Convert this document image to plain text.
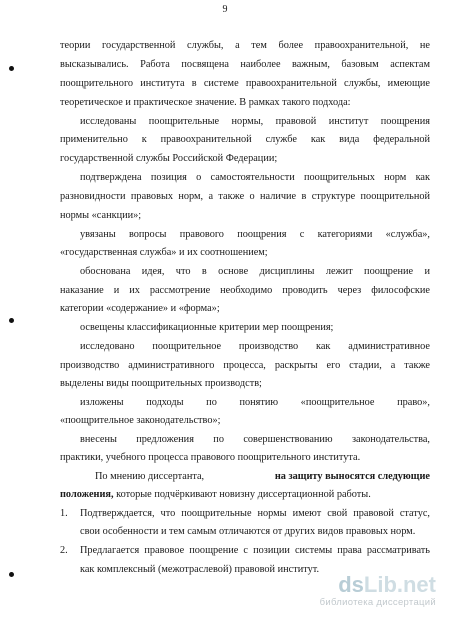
9
теории государственной службы, а тем более правоохранительной, не
высказывались. Работа посвящена наиболее важным, базовым аспектам
поощрительного института в системе правоохранительной службы, имеющие
теоретическое и практическое значение. В рамках такого подхода:
исследованы поощрительные нормы, правовой институт поощрения
применительно к правоохранительной службе как вида федеральной
государственной службы Российской Федерации;
подтверждена позиция о самостоятельности поощрительных норм как
разновидности правовых норм, а также о наличие в структуре поощрительной
нормы «санкции»;
увязаны вопросы правового поощрения с категориями «служба»,
«государственная служба» и их соотношением;
обоснована идея, что в основе дисциплины лежит поощрение и
наказание и их рассмотрение необходимо проводить через философские
категории «содержание» и «форма»;
освещены классификационные критерии мер поощрения;
исследовано поощрительное производство как административное
производство административного процесса, раскрыты его стадии, а также
выделены виды поощрительных производств;
изложены подходы по понятию «поощрительное право»,
«поощрительное законодательство»;
внесены предложения по совершенствованию законодательства,
практики, учебного процесса правового поощрительного института.
По мнению диссертанта,	на защиту выносятся следующие
положения, которые подчёркивают новизну диссертационной работы.
1. Подтверждается, что поощрительные нормы имеют свой правовой статус,
свои особенности и тем самым отличаются от других видов правовых норм.
2. Предлагается правовое поощрение с позиции системы права рассматривать
как комплексный (межотраслевой) правовой институт.
dsLib.net
библиотека диссертаций
